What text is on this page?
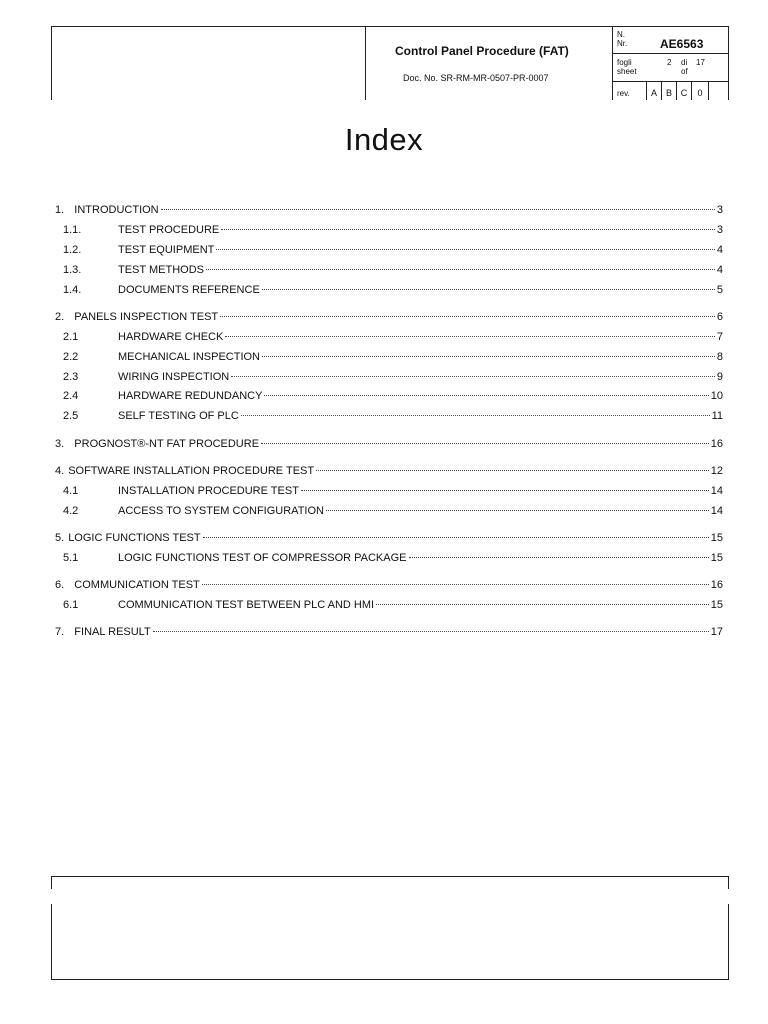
Control Panel Procedure (FAT)
Doc. No. SR-RM-MR-0507-PR-0007
N.
Nr.	AE6563
fogli
sheet
2 di
of
17
rev.	A B C	0
Index
1. INTRODUCTION	3
1.1.	TEST PROCEDURE	3
1.2.	TEST EQUIPMENT	4
1.3.	TEST METHODS	4
1.4.	DOCUMENTS REFERENCE	5
2. PANELS INSPECTION TEST	6
2.1	HARDWARE CHECK	7
2.2	MECHANICAL INSPECTION	8
2.3	WIRING INSPECTION	9
2.4	HARDWARE REDUNDANCY	10
2.5	SELF TESTING OF PLC	11
3. PROGNOST®-NT FAT PROCEDURE	16
4. SOFTWARE INSTALLATION PROCEDURE TEST	12
4.1	INSTALLATION PROCEDURE TEST	14
4.2	ACCESS TO SYSTEM CONFIGURATION	14
5. LOGIC FUNCTIONS TEST	15
5.1	LOGIC FUNCTIONS TEST OF COMPRESSOR PACKAGE	15
6. COMMUNICATION TEST	16
6.1	COMMUNICATION TEST BETWEEN PLC AND HMI	15
7. FINAL RESULT	17
